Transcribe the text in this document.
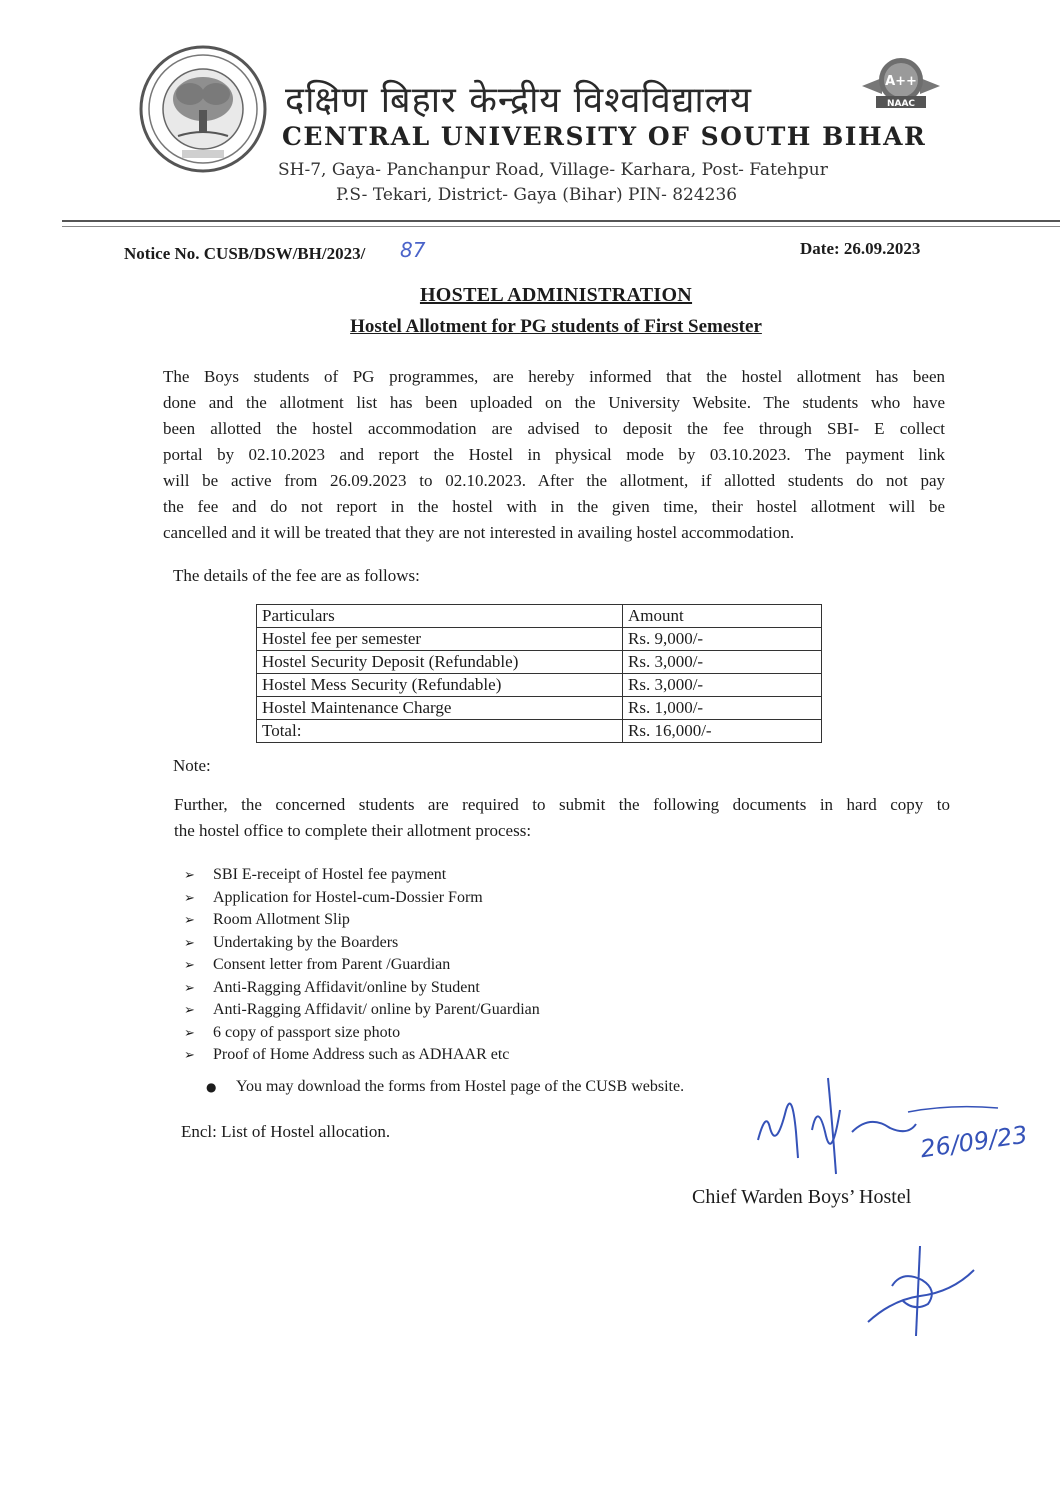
दक्षिण बिहार केन्द्रीय विश्वविद्यालय	A++
NAAC
CENTRAL UNIVERSITY OF SOUTH BIHAR
SH-7, Gaya- Panchanpur Road, Village- Karhara, Post- Fatehpur
P.S- Tekari, District- Gaya (Bihar) PIN- 824236
Notice No. CUSB/DSW/BH/2023/ 87	Date: 26.09.2023
HOSTEL ADMINISTRATION
Hostel Allotment for PG students of First Semester
The Boys students of PG programmes, are hereby informed that the hostel allotment has been
done and the allotment list has been uploaded on the University Website. The students who have
been allotted the hostel accommodation are advised to deposit the fee through SBI- E collect
portal by 02.10.2023 and report the Hostel in physical mode by 03.10.2023. The payment link
will be active from 26.09.2023 to 02.10.2023. After the allotment, if allotted students do not pay
the fee and do not report in the hostel with in the given time, their hostel allotment will be
cancelled and it will be treated that they are not interested in availing hostel accommodation.
The details of the fee are as follows:
Particulars	Amount
Hostel fee per semester	Rs. 9,000/-
Hostel Security Deposit (Refundable)	Rs. 3,000/-
Hostel Mess Security (Refundable)	Rs. 3,000/-
Hostel Maintenance Charge	Rs. 1,000/-
Total:	Rs. 16,000/-
Note:
Further, the concerned students are required to submit the following documents in hard copy to
the hostel office to complete their allotment process:
➢ SBI E-receipt of Hostel fee payment
➢ Application for Hostel-cum-Dossier Form
➢ Room Allotment Slip
➢ Undertaking by the Boarders
➢ Consent letter from Parent /Guardian
➢ Anti-Ragging Affidavit/online by Student
➢ Anti-Ragging Affidavit/ online by Parent/Guardian
➢ 6 copy of passport size photo
➢ Proof of Home Address such as ADHAAR etc
● You may download the forms from Hostel page of the CUSB website.
Encl: List of Hostel allocation.	26/09/23
Chief Warden Boys’ Hostel
